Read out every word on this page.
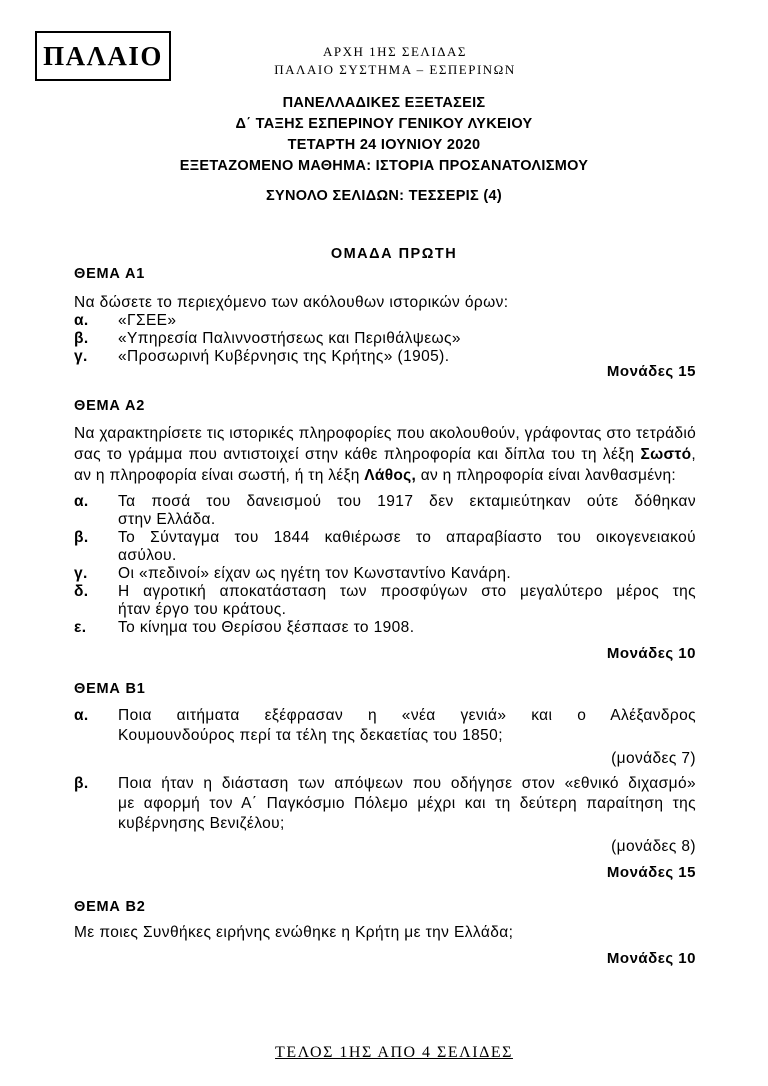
ΠΑΛΑΙΟ	ΑΡΧΗ 1ΗΣ ΣΕΛΙΔΑΣ
ΠΑΛΑΙΟ ΣΥΣΤΗΜΑ – ΕΣΠΕΡΙΝΩΝ
ΠΑΝΕΛΛΑΔΙΚΕΣ ΕΞΕΤΑΣΕΙΣ
Δ΄ ΤΑΞΗΣ ΕΣΠΕΡΙΝΟΥ ΓΕΝΙΚΟΥ ΛΥΚΕΙΟΥ
ΤΕΤΑΡΤΗ 24 ΙΟΥΝΙΟΥ 2020
ΕΞΕΤΑΖΟΜΕΝΟ ΜΑΘΗΜΑ: ΙΣΤΟΡΙΑ ΠΡΟΣΑΝΑΤΟΛΙΣΜΟΥ
ΣΥΝΟΛΟ ΣΕΛΙΔΩΝ: ΤΕΣΣΕΡΙΣ (4)
ΟΜΑΔΑ ΠΡΩΤΗ
ΘΕΜΑ Α1
Να δώσετε το περιεχόμενο των ακόλουθων ιστορικών όρων:
α. «ΓΣΕΕ»
β. «Υπηρεσία Παλιννοστήσεως και Περιθάλψεως»
γ. «Προσωρινή Κυβέρνησις της Κρήτης» (1905).
Μονάδες 15
ΘΕΜΑ Α2
Να χαρακτηρίσετε τις ιστορικές πληροφορίες που ακολουθούν, γράφοντας στο τετράδιό σας το γράμμα που αντιστοιχεί στην κάθε πληροφορία και δίπλα του τη λέξη Σωστό, αν η πληροφορία είναι σωστή, ή τη λέξη Λάθος, αν η πληροφορία είναι λανθασμένη:
α. Τα ποσά του δανεισμού του 1917 δεν εκταμιεύτηκαν ούτε δόθηκαν
στην Ελλάδα.
β. Το Σύνταγμα του 1844 καθιέρωσε το απαραβίαστο του οικογενειακού
ασύλου.
γ. Οι «πεδινοί» είχαν ως ηγέτη τον Κωνσταντίνο Κανάρη.
δ. Η αγροτική αποκατάσταση των προσφύγων στο μεγαλύτερο μέρος της
ήταν έργο του κράτους.
ε. Το κίνημα του Θερίσου ξέσπασε το 1908.
Μονάδες 10
ΘΕΜΑ Β1
α. Ποια αιτήματα εξέφρασαν η «νέα γενιά» και ο Αλέξανδρος
Κουμουνδούρος περί τα τέλη της δεκαετίας του 1850;
(μονάδες 7)
β. Ποια ήταν η διάσταση των απόψεων που οδήγησε στον «εθνικό διχασμό»
με αφορμή τον Α΄ Παγκόσμιο Πόλεμο μέχρι και τη δεύτερη παραίτηση της
κυβέρνησης Βενιζέλου;
(μονάδες 8)
Μονάδες 15
ΘΕΜΑ Β2
Με ποιες Συνθήκες ειρήνης ενώθηκε η Κρήτη με την Ελλάδα;
Μονάδες 10
ΤΕΛΟΣ 1ΗΣ ΑΠΟ 4 ΣΕΛΙΔΕΣ
